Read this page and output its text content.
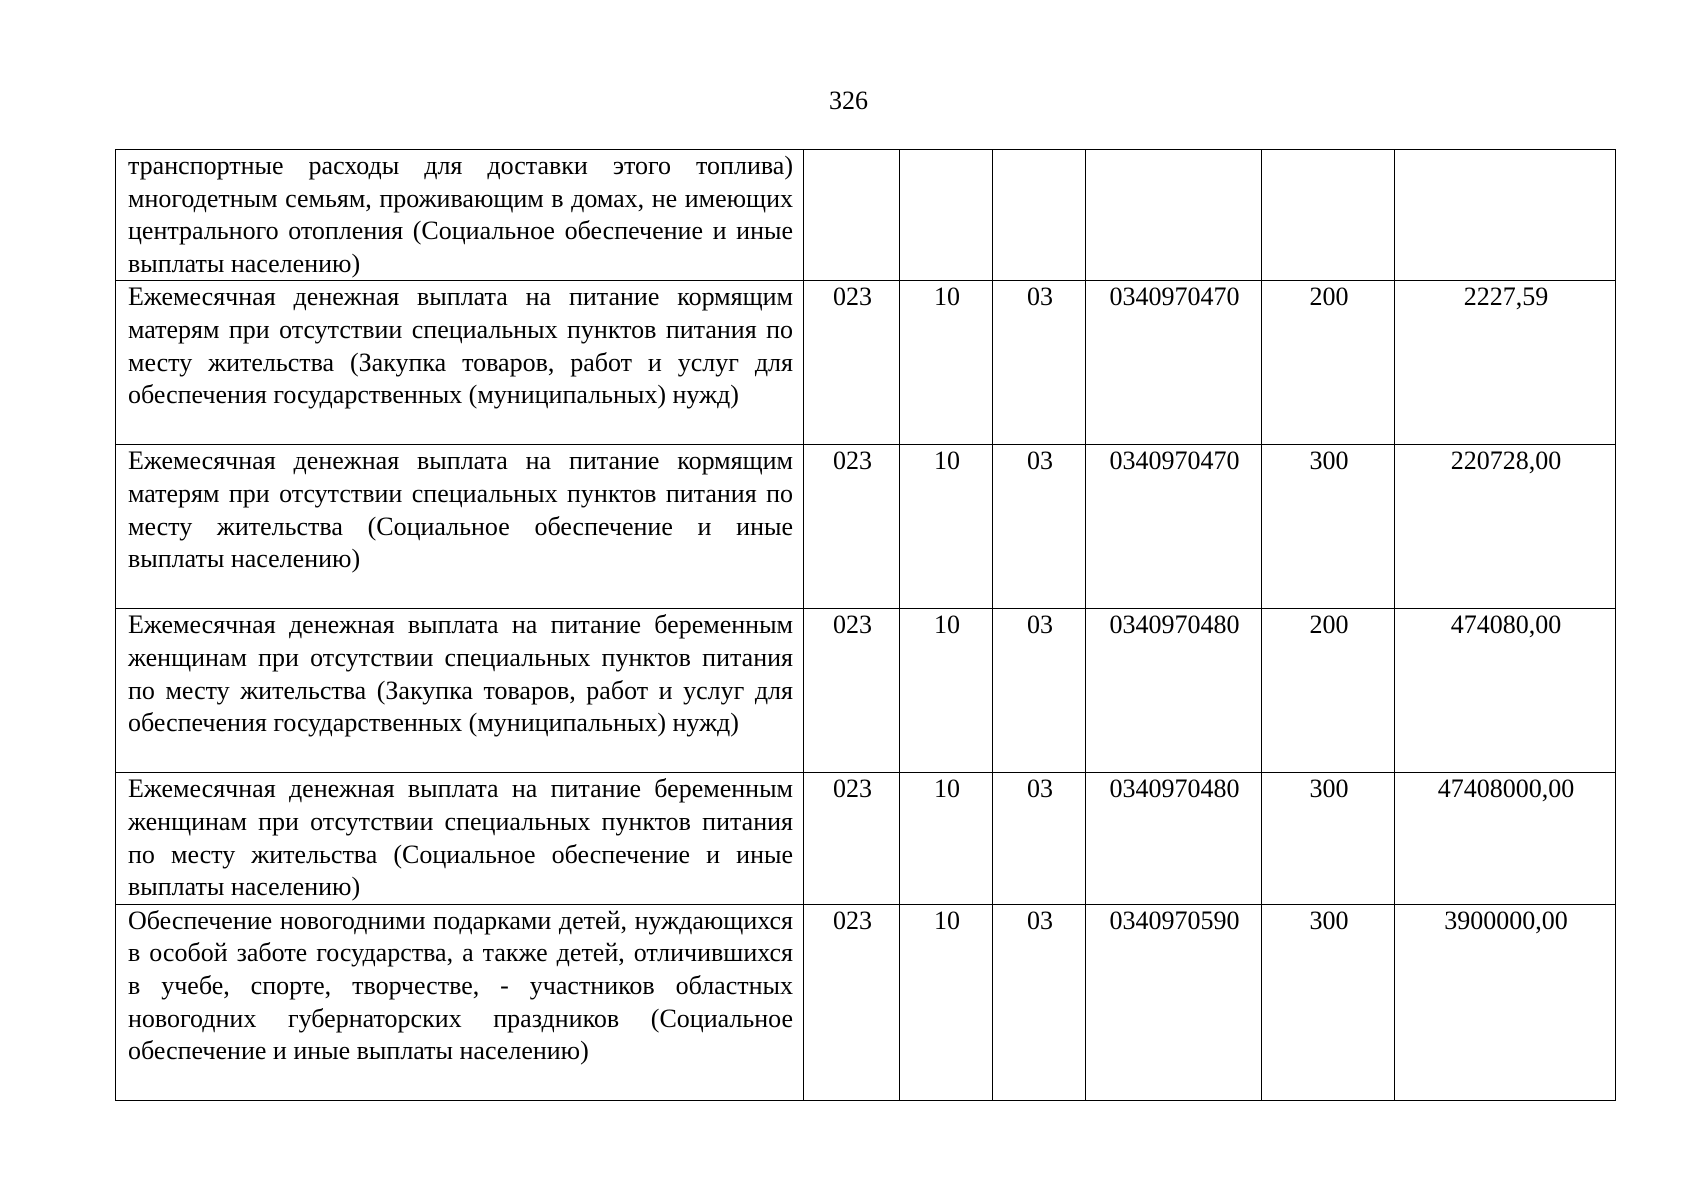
326
транспортные расходы для доставки этого топлива) многодетным семьям, проживающим в домах, не имеющих центрального отопления (Социальное обеспечение и иные выплаты населению)						
Ежемесячная денежная выплата на питание кормящим матерям при отсутствии специальных пунктов питания по месту жительства (Закупка товаров, работ и услуг для обеспечения государственных (муниципальных) нужд)	023	10	03	0340970470	200	2227,59
Ежемесячная денежная выплата на питание кормящим матерям при отсутствии специальных пунктов питания по месту жительства (Социальное обеспечение и иные выплаты населению)	023	10	03	0340970470	300	220728,00
Ежемесячная денежная выплата на питание беременным женщинам при отсутствии специальных пунктов питания по месту жительства (Закупка товаров, работ и услуг для обеспечения государственных (муниципальных) нужд)	023	10	03	0340970480	200	474080,00
Ежемесячная денежная выплата на питание беременным женщинам при отсутствии специальных пунктов питания по месту жительства (Социальное обеспечение и иные выплаты населению)	023	10	03	0340970480	300	47408000,00
Обеспечение новогодними подарками детей, нуждающихся в особой заботе государства, а также детей, отличившихся в учебе, спорте, творчестве, - участников областных новогодних губернаторских праздников (Социальное обеспечение и иные выплаты населению)	023	10	03	0340970590	300	3900000,00
